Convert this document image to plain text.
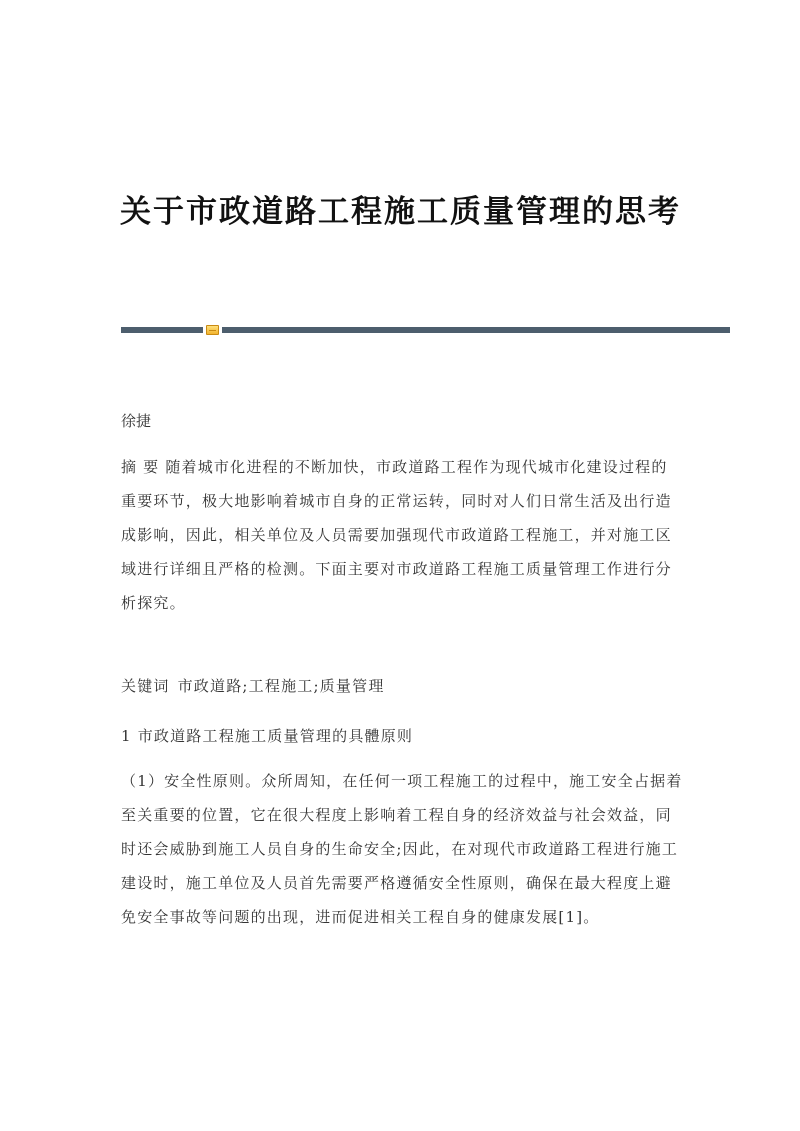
关于市政道路工程施工质量管理的思考
徐捷
摘 要 随着城市化进程的不断加快，市政道路工程作为现代城市化建设过程的
重要环节，极大地影响着城市自身的正常运转，同时对人们日常生活及出行造
成影响，因此，相关单位及人员需要加强现代市政道路工程施工，并对施工区
域进行详细且严格的检测。下面主要对市政道路工程施工质量管理工作进行分
析探究。
关键词 市政道路;工程施工;质量管理
1 市政道路工程施工质量管理的具體原则
（1）安全性原则。众所周知，在任何一项工程施工的过程中，施工安全占据着
至关重要的位置，它在很大程度上影响着工程自身的经济效益与社会效益，同
时还会威胁到施工人员自身的生命安全;因此，在对现代市政道路工程进行施工
建设时，施工单位及人员首先需要严格遵循安全性原则，确保在最大程度上避
免安全事故等问题的出现，进而促进相关工程自身的健康发展[1]。
